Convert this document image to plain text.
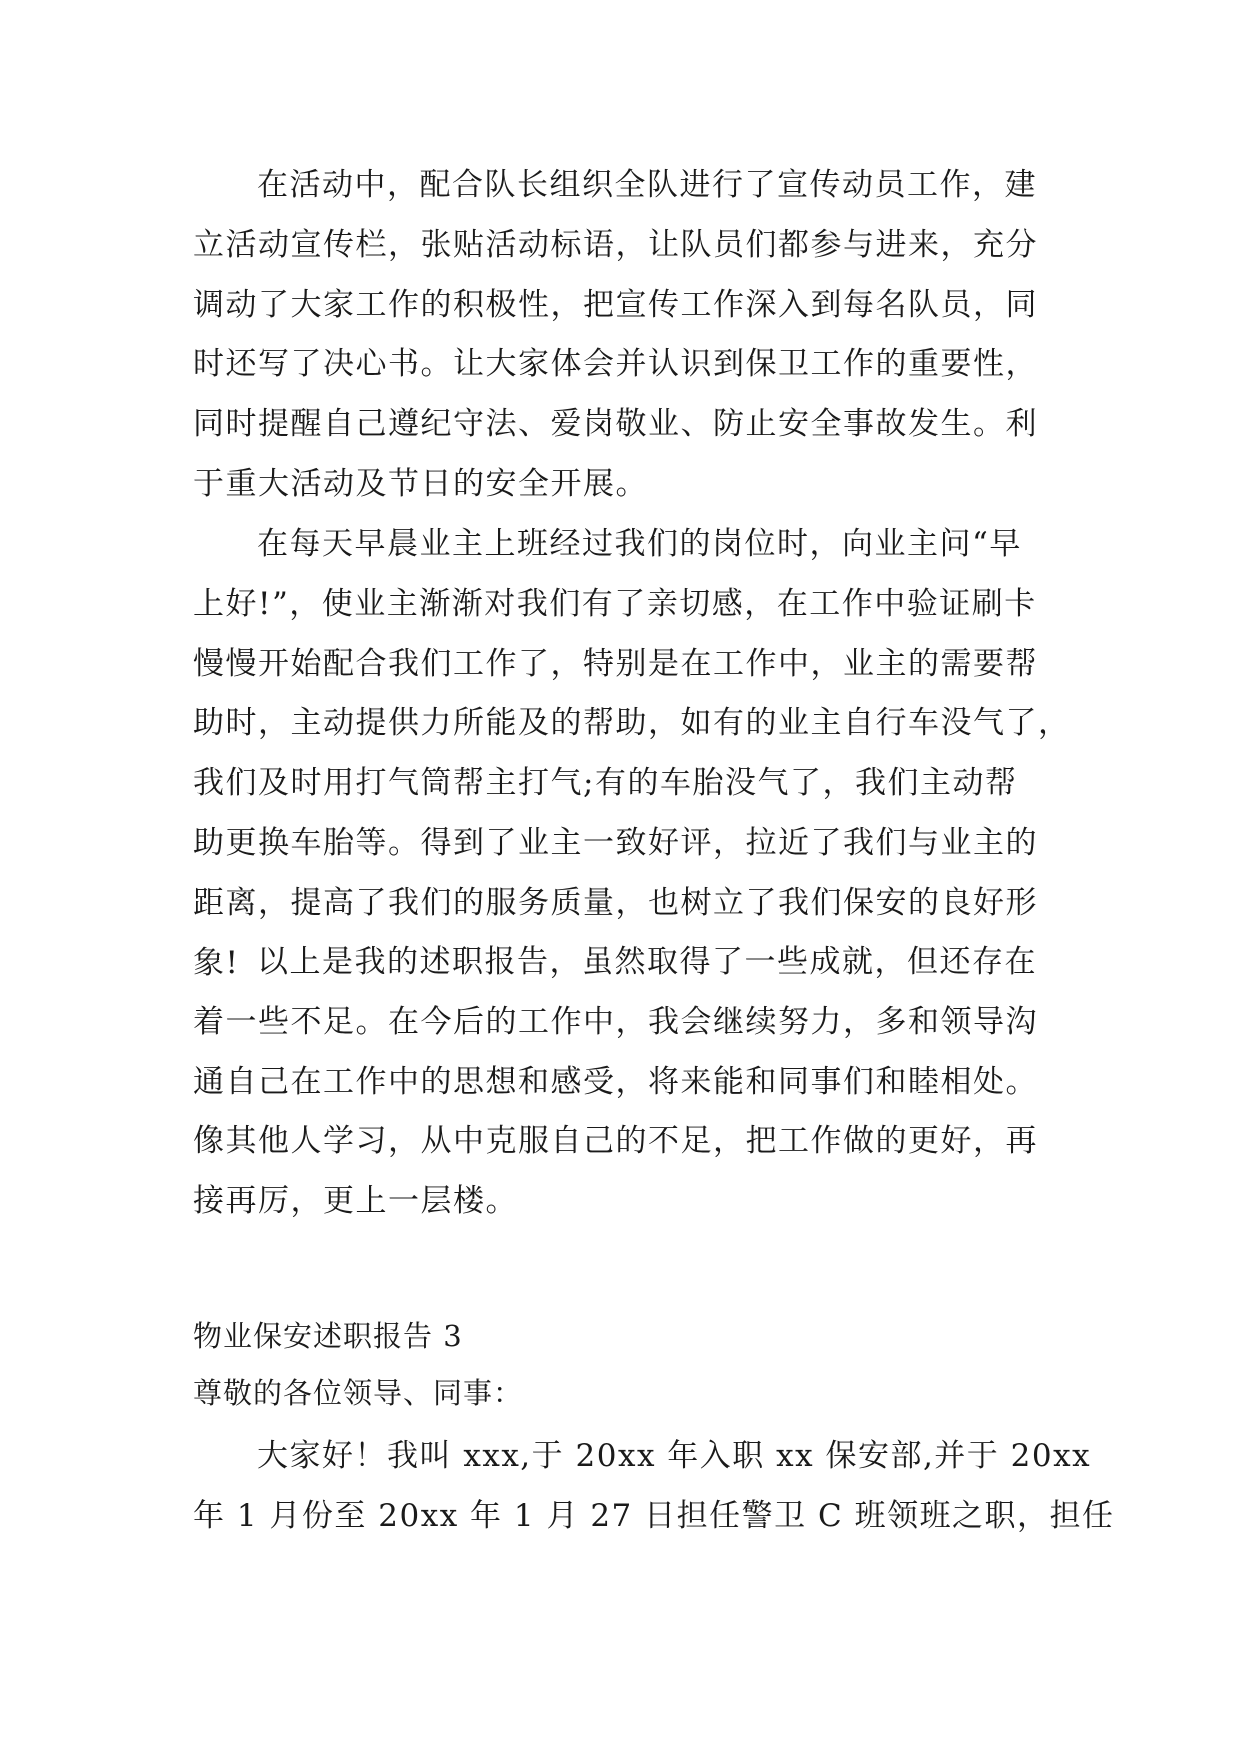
在活动中，配合队长组织全队进行了宣传动员工作，建

立活动宣传栏，张贴活动标语，让队员们都参与进来，充分

调动了大家工作的积极性，把宣传工作深入到每名队员，同

时还写了决心书。让大家体会并认识到保卫工作的重要性，

同时提醒自己遵纪守法、爱岗敬业、防止安全事故发生。利

于重大活动及节日的安全开展。

在每天早晨业主上班经过我们的岗位时，向业主问“早

上好!”，使业主渐渐对我们有了亲切感，在工作中验证刷卡

慢慢开始配合我们工作了，特别是在工作中，业主的需要帮

助时，主动提供力所能及的帮助，如有的业主自行车没气了，

我们及时用打气筒帮主打气;有的车胎没气了，我们主动帮

助更换车胎等。得到了业主一致好评，拉近了我们与业主的

距离，提高了我们的服务质量，也树立了我们保安的良好形

象! 以上是我的述职报告，虽然取得了一些成就，但还存在

着一些不足。在今后的工作中，我会继续努力，多和领导沟

通自己在工作中的思想和感受，将来能和同事们和睦相处。

像其他人学习，从中克服自己的不足，把工作做的更好，再

接再厉，更上一层楼。

物业保安述职报告 3

尊敬的各位领导、同事：

大家好！我叫 xxx,于 20xx 年入职 xx 保安部,并于 20xx

年 1 月份至 20xx 年 1 月 27 日担任警卫 C 班领班之职，担任
